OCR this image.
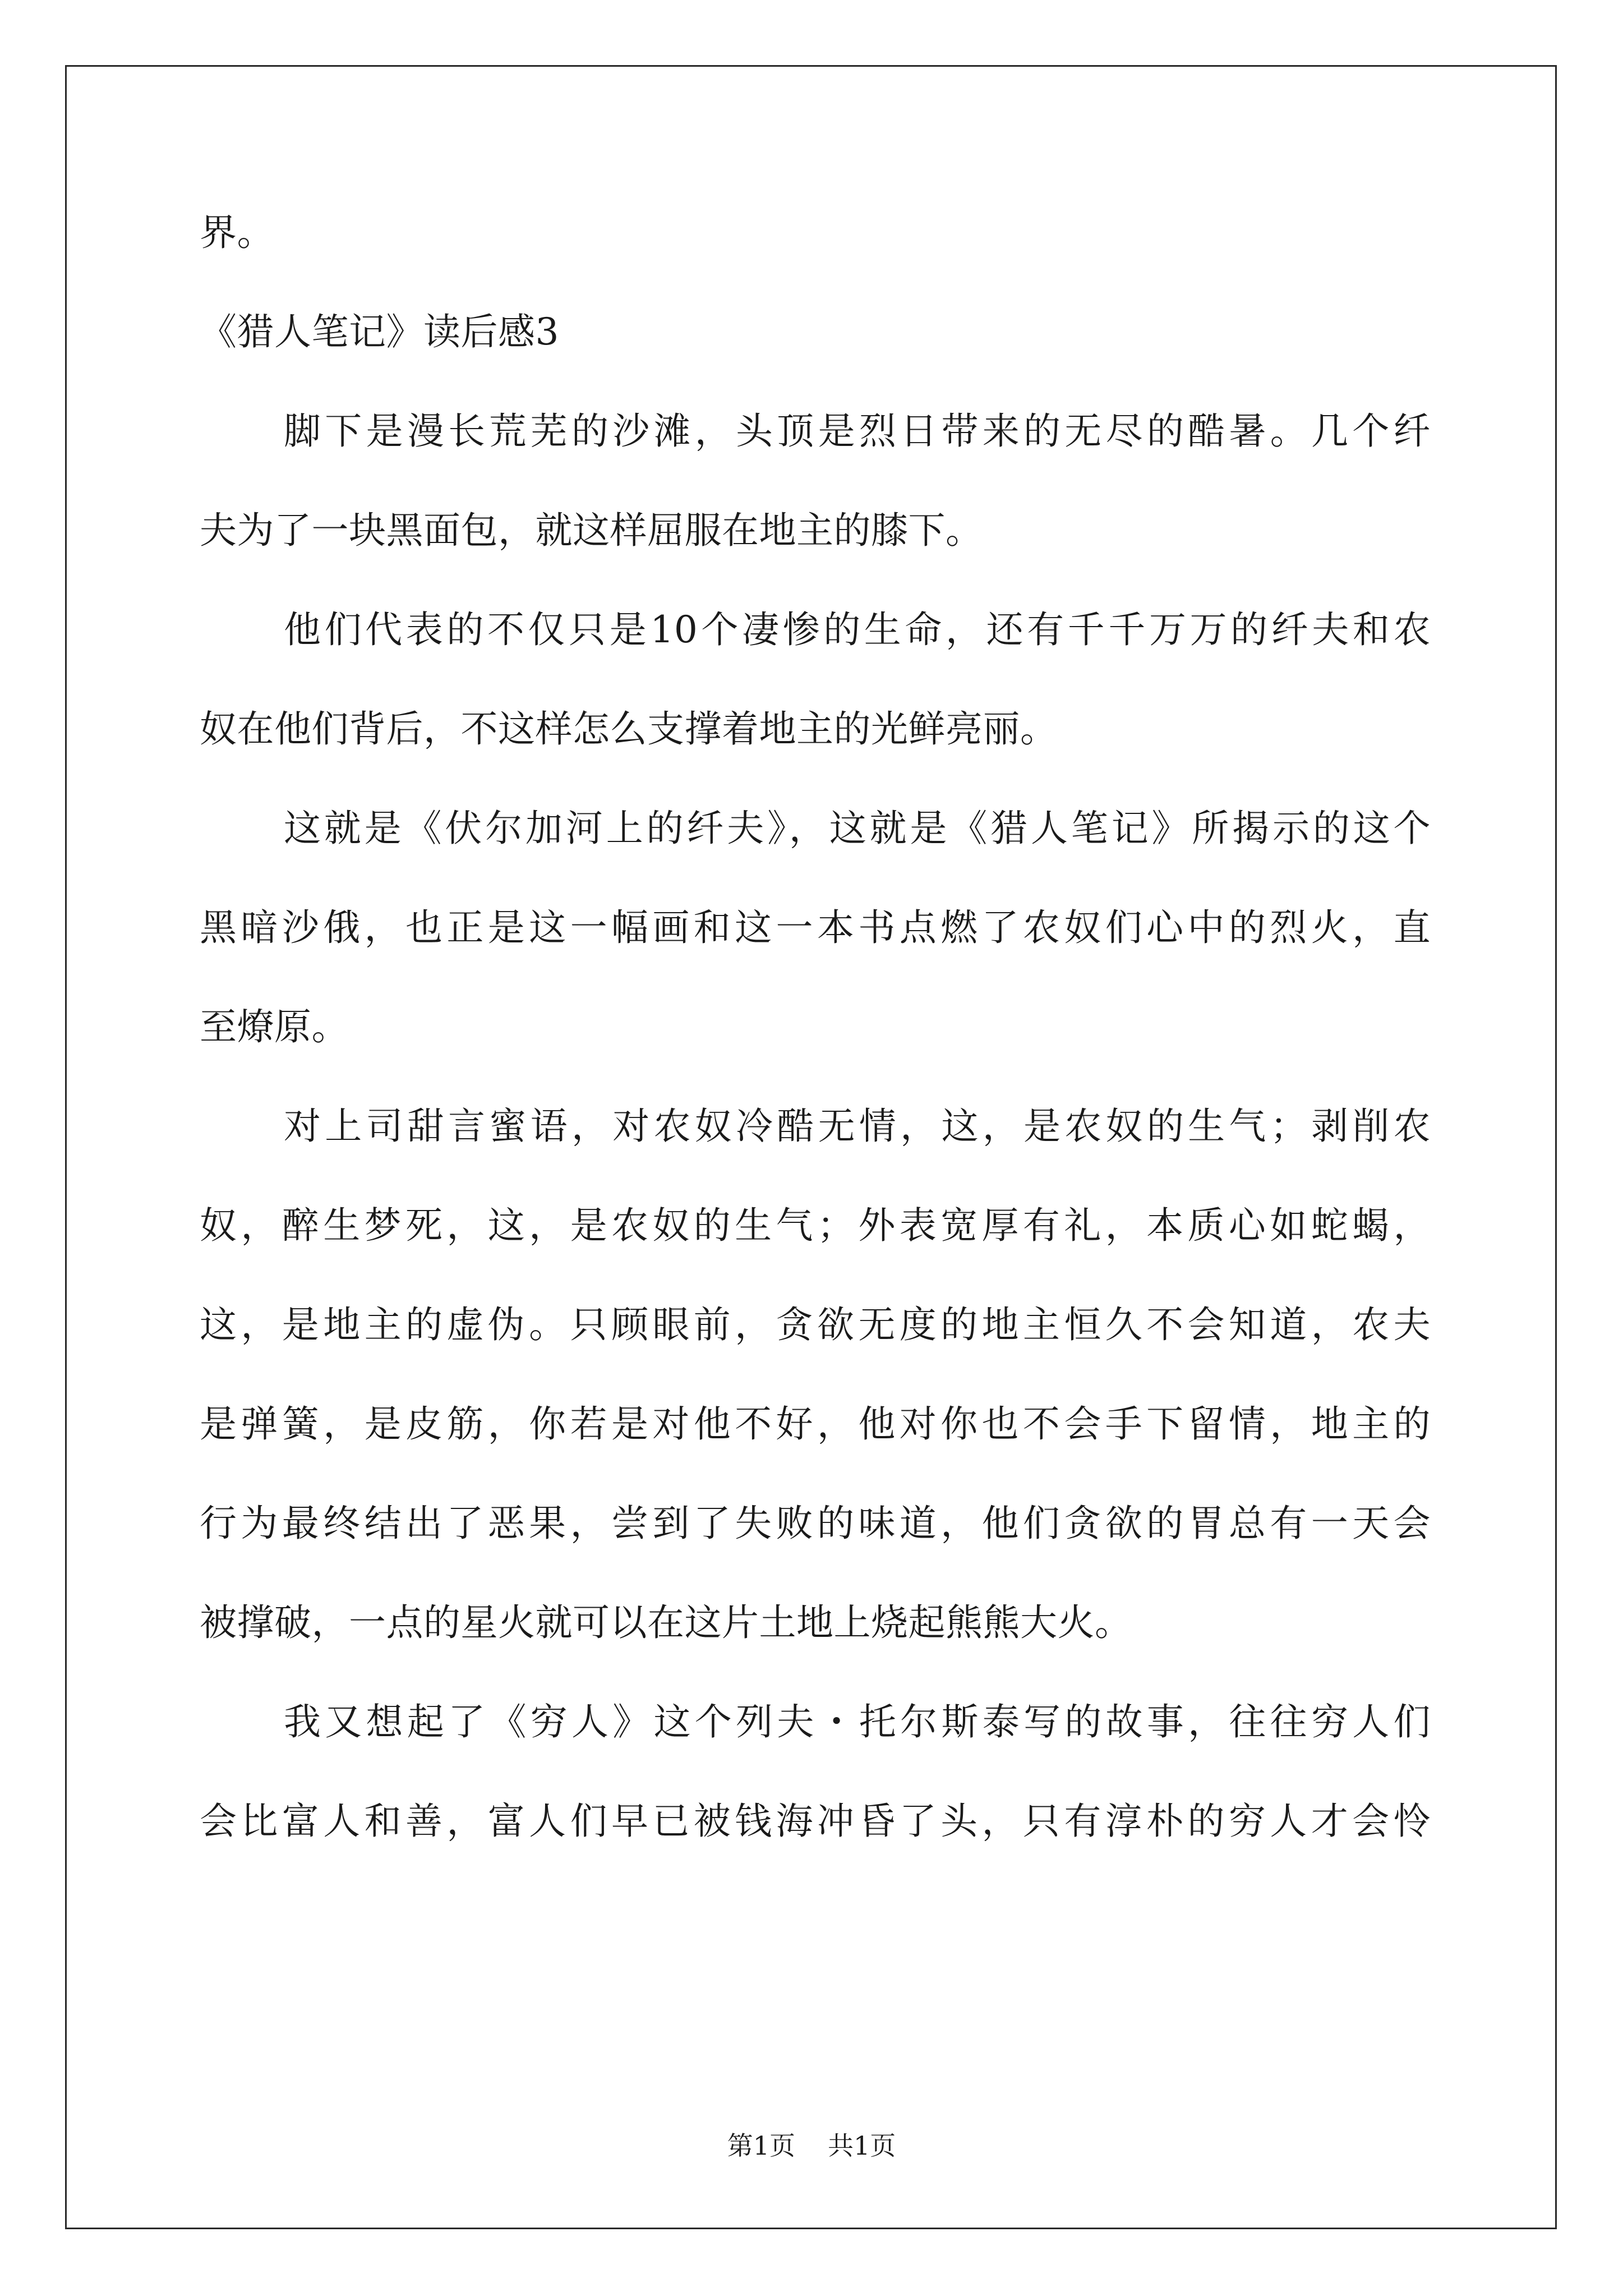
界。
《猎人笔记》读后感3
脚下是漫长荒芜的沙滩，头顶是烈日带来的无尽的酷暑。几个纤
夫为了一块黑面包，就这样屈服在地主的膝下。
他们代表的不仅只是10个凄惨的生命，还有千千万万的纤夫和农
奴在他们背后，不这样怎么支撑着地主的光鲜亮丽。
这就是《伏尔加河上的纤夫》，这就是《猎人笔记》所揭示的这个
黑暗沙俄，也正是这一幅画和这一本书点燃了农奴们心中的烈火，直
至燎原。
对上司甜言蜜语，对农奴冷酷无情，这，是农奴的生气；剥削农
奴，醉生梦死，这，是农奴的生气；外表宽厚有礼，本质心如蛇蝎，
这，是地主的虚伪。只顾眼前，贪欲无度的地主恒久不会知道，农夫
是弹簧，是皮筋，你若是对他不好，他对你也不会手下留情，地主的
行为最终结出了恶果，尝到了失败的味道，他们贪欲的胃总有一天会
被撑破，一点的星火就可以在这片土地上烧起熊熊大火。
我又想起了《穷人》这个列夫・托尔斯泰写的故事，往往穷人们
会比富人和善，富人们早已被钱海冲昏了头，只有淳朴的穷人才会怜
第1页 共1页
